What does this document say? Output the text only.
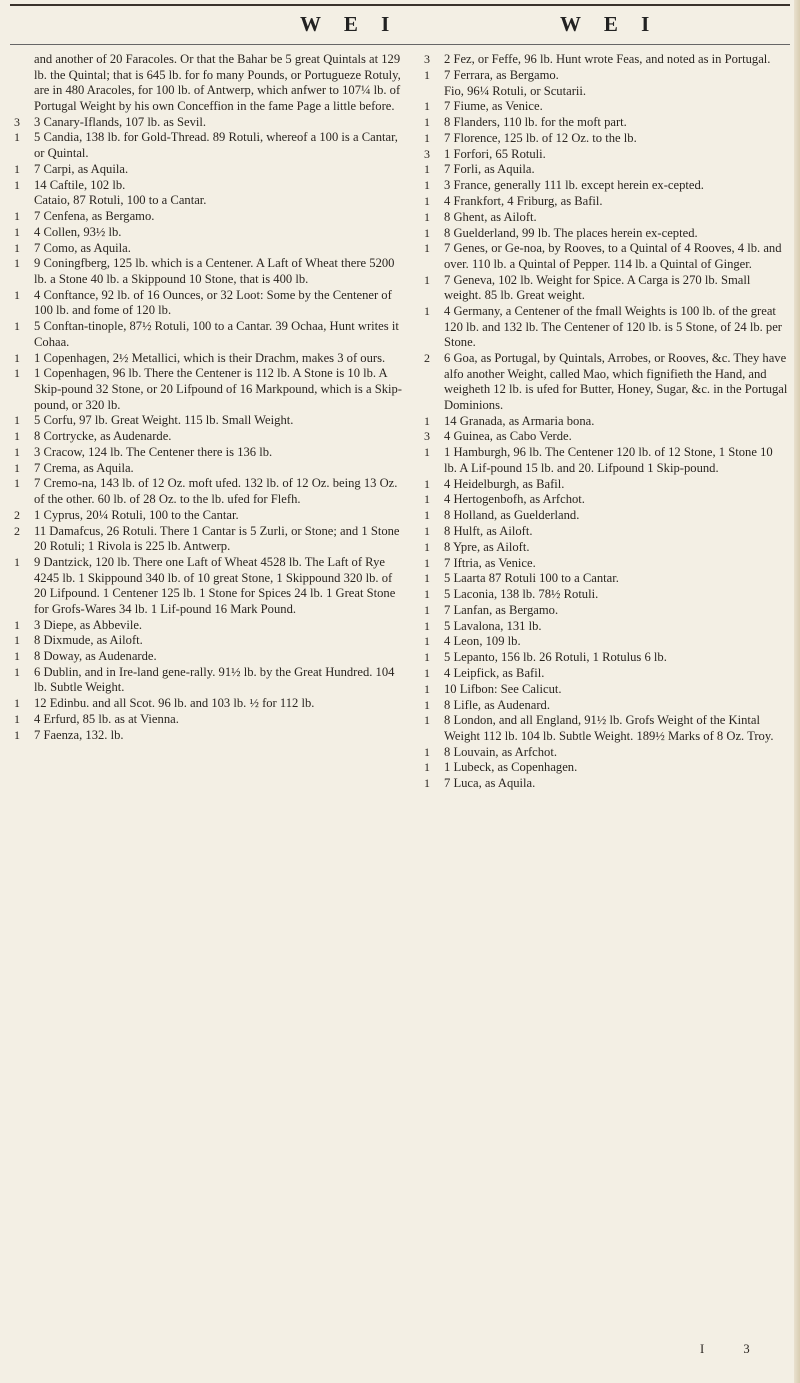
W E I	W E I
and another of 20 Faracoles. Or that the Bahar be 5 great Quintals at 129 lb. the Quintal; that is 645 lb. for fo many Pounds, or Portugueze Rotuly, are in 480 Aracoles, for 100 lb. of Antwerp, which anfwer to 107¼ lb. of Portugal Weight by his own Conceffion in the fame Page a little before.
3	3 Canary-Iflands, 107 lb. as Sevil.
1	5 Candia, 138 lb. for Gold-Thread. 89 Rotuli, whereof a 100 is a Cantar, or Quintal.
1	7 Carpi, as Aquila.
1	14 Caftile, 102 lb.
Cataio, 87 Rotuli, 100 to a Cantar.
1	7 Cenfena, as Bergamo.
1	4 Collen, 93½ lb.
1	7 Como, as Aquila.
1	9 Coningfberg, 125 lb. which is a Centener. A Laft of Wheat there 5200 lb. a Stone 40 lb. a Skippound 10 Stone, that is 400 lb.
1	4 Conftance, 92 lb. of 16 Ounces, or 32 Loot: Some by the Centener of 100 lb. and fome of 120 lb.
1	5 Conftan-tinople, 87½ Rotuli, 100 to a Cantar. 39 Ochaa, Hunt writes it Cohaa.
1	1 Copenhagen, 2½ Metallici, which is their Drachm, makes 3 of ours.
1	1 Copenhagen, 96 lb. There the Centener is 112 lb. A Stone is 10 lb. A Skip-pound 32 Stone, or 20 Lifpound of 16 Markpound, which is a Skip-pound, or 320 lb.
1	5 Corfu, 97 lb. Great Weight. 115 lb. Small Weight.
1	8 Cortrycke, as Audenarde.
1	3 Cracow, 124 lb. The Centener there is 136 lb.
1	7 Crema, as Aquila.
1	7 Cremo-na, 143 lb. of 12 Oz. moft ufed. 132 lb. of 12 Oz. being 13 Oz. of the other. 60 lb. of 28 Oz. to the lb. ufed for Flefh.
2	1 Cyprus, 20¼ Rotuli, 100 to the Cantar.
2	11 Damafcus, 26 Rotuli. There 1 Cantar is 5 Zurli, or Stone; and 1 Stone 20 Rotuli; 1 Rivola is 225 lb. Antwerp.
1	9 Dantzick, 120 lb. There one Laft of Wheat 4528 lb. The Laft of Rye 4245 lb. 1 Skippound 340 lb. of 10 great Stone, 1 Skippound 320 lb. of 20 Lifpound. 1 Centener 125 lb. 1 Stone for Spices 24 lb. 1 Great Stone for Grofs-Wares 34 lb. 1 Lif-pound 16 Mark Pound.
1	3 Diepe, as Abbevile.
1	8 Dixmude, as Ailoft.
1	8 Doway, as Audenarde.
1	6 Dublin, and in Ire-land gene-rally. 91½ lb. by the Great Hundred. 104 lb. Subtle Weight.
1	12 Edinbu. and all Scot. 96 lb. and 103 lb. ½ for 112 lb.
1	4 Erfurd, 85 lb. as at Vienna.
1	7 Faenza, 132. lb.
3	2 Fez, or Feffe, 96 lb. Hunt wrote Feas, and noted as in Portugal.
1	7 Ferrara, as Bergamo.
Fio, 96¼ Rotuli, or Scutarii.
1	7 Fiume, as Venice.
1	8 Flanders, 110 lb. for the moft part.
1	7 Florence, 125 lb. of 12 Oz. to the lb.
3	1 Forfori, 65 Rotuli.
1	7 Forli, as Aquila.
1	3 France, generally 111 lb. except herein ex-cepted.
1	4 Frankfort, 4 Friburg, as Bafil.
1	8 Ghent, as Ailoft.
1	8 Guelderland, 99 lb. The places herein ex-cepted.
1	7 Genes, or Ge-noa, by Rooves, to a Quintal of 4 Rooves, 4 lb. and over. 110 lb. a Quintal of Pepper. 114 lb. a Quintal of Ginger.
1	7 Geneva, 102 lb. Weight for Spice. A Carga is 270 lb. Small weight. 85 lb. Great weight.
1	4 Germany, a Centener of the fmall Weights is 100 lb. of the great 120 lb. and 132 lb. The Centener of 120 lb. is 5 Stone, of 24 lb. per Stone.
2	6 Goa, as Portugal, by Quintals, Arrobes, or Rooves, &c. They have alfo another Weight, called Mao, which fignifieth the Hand, and weigheth 12 lb. is ufed for Butter, Honey, Sugar, &c. in the Portugal Dominions.
1	14 Granada, as Armaria bona.
3	4 Guinea, as Cabo Verde.
1	1 Hamburgh, 96 lb. The Centener 120 lb. of 12 Stone, 1 Stone 10 lb. A Lif-pound 15 lb. and 20. Lifpound 1 Skip-pound.
1	4 Heidelburgh, as Bafil.
1	4 Hertogenbofh, as Arfchot.
1	8 Holland, as Guelderland.
1	8 Hulft, as Ailoft.
1	8 Ypre, as Ailoft.
1	7 Iftria, as Venice.
1	5 Laarta 87 Rotuli 100 to a Cantar.
1	5 Laconia, 138 lb. 78½ Rotuli.
1	7 Lanfan, as Bergamo.
1	5 Lavalona, 131 lb.
1	4 Leon, 109 lb.
1	5 Lepanto, 156 lb. 26 Rotuli, 1 Rotulus 6 lb.
1	4 Leipfick, as Bafil.
1	10 Lifbon: See Calicut.
1	8 Lifle, as Audenard.
1	8 London, and all England, 91½ lb. Grofs Weight of the Kintal Weight 112 lb. 104 lb. Subtle Weight. 189½ Marks of 8 Oz. Troy.
1	8 Louvain, as Arfchot.
1	1 Lubeck, as Copenhagen.
1	7 Luca, as Aquila.
I 3
